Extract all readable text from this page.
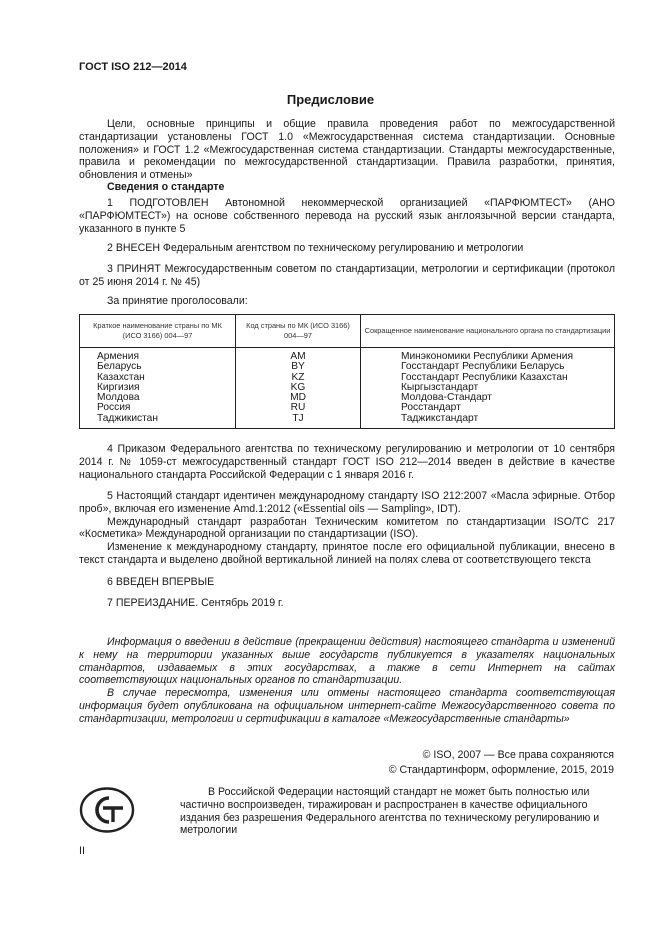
ГОСТ ISO 212—2014
Предисловие

Цели, основные принципы и общие правила проведения работ по межгосударственной стандартизации установлены ГОСТ 1.0 «Межгосударственная система стандартизации. Основные положения» и ГОСТ 1.2 «Межгосударственная система стандартизации. Стандарты межгосударственные, правила и рекомендации по межгосударственной стандартизации. Правила разработки, принятия, обновления и отмены»

Сведения о стандарте

1 ПОДГОТОВЛЕН Автономной некоммерческой организацией «ПАРФЮМТЕСТ» (АНО «ПАРФЮМТЕСТ») на основе собственного перевода на русский язык англоязычной версии стандарта, указанного в пункте 5

2 ВНЕСЕН Федеральным агентством по техническому регулированию и метрологии

3 ПРИНЯТ Межгосударственным советом по стандартизации, метрологии и сертификации (протокол от 25 июня 2014 г. № 45)

За принятие проголосовали:

Краткое наименование страны по МК (ИСО 3166) 004—97	Код страны по МК (ИСО 3166) 004—97	Сокращенное наименование национального органа по стандартизации
Армения	AM	Минэкономики Республики Армения
Беларусь	BY	Госстандарт Республики Беларусь
Казахстан	KZ	Госстандарт Республики Казахстан
Киргизия	KG	Кыргызстандарт
Молдова	MD	Молдова-Стандарт
Россия	RU	Росстандарт
Таджикистан	TJ	Таджикстандарт

4 Приказом Федерального агентства по техническому регулированию и метрологии от 10 сентября 2014 г. № 1059-ст межгосударственный стандарт ГОСТ ISO 212—2014 введен в действие в качестве национального стандарта Российской Федерации с 1 января 2016 г.

5 Настоящий стандарт идентичен международному стандарту ISO 212:2007 «Масла эфирные. Отбор проб», включая его изменение Amd.1:2012 («Essential oils — Sampling», IDT).

Международный стандарт разработан Техническим комитетом по стандартизации ISO/TC 217 «Косметика» Международной организации по стандартизации (ISO).

Изменение к международному стандарту, принятое после его официальной публикации, внесено в текст стандарта и выделено двойной вертикальной линией на полях слева от соответствующего текста

6 ВВЕДЕН ВПЕРВЫЕ

7 ПЕРЕИЗДАНИЕ. Сентябрь 2019 г.

Информация о введении в действие (прекращении действия) настоящего стандарта и изменений к нему на территории указанных выше государств публикуется в указателях национальных стандартов, издаваемых в этих государствах, а также в сети Интернет на сайтах соответствующих национальных органов по стандартизации.

В случае пересмотра, изменения или отмены настоящего стандарта соответствующая информация будет опубликована на официальном интернет-сайте Межгосударственного совета по стандартизации, метрологии и сертификации в каталоге «Межгосударственные стандарты»

© ISO, 2007 — Все права сохраняются
© Стандартинформ, оформление, 2015, 2019

В Российской Федерации настоящий стандарт не может быть полностью или частично воспроизведен, тиражирован и распространен в качестве официального издания без разрешения Федерального агентства по техническому регулированию и метрологии

II
